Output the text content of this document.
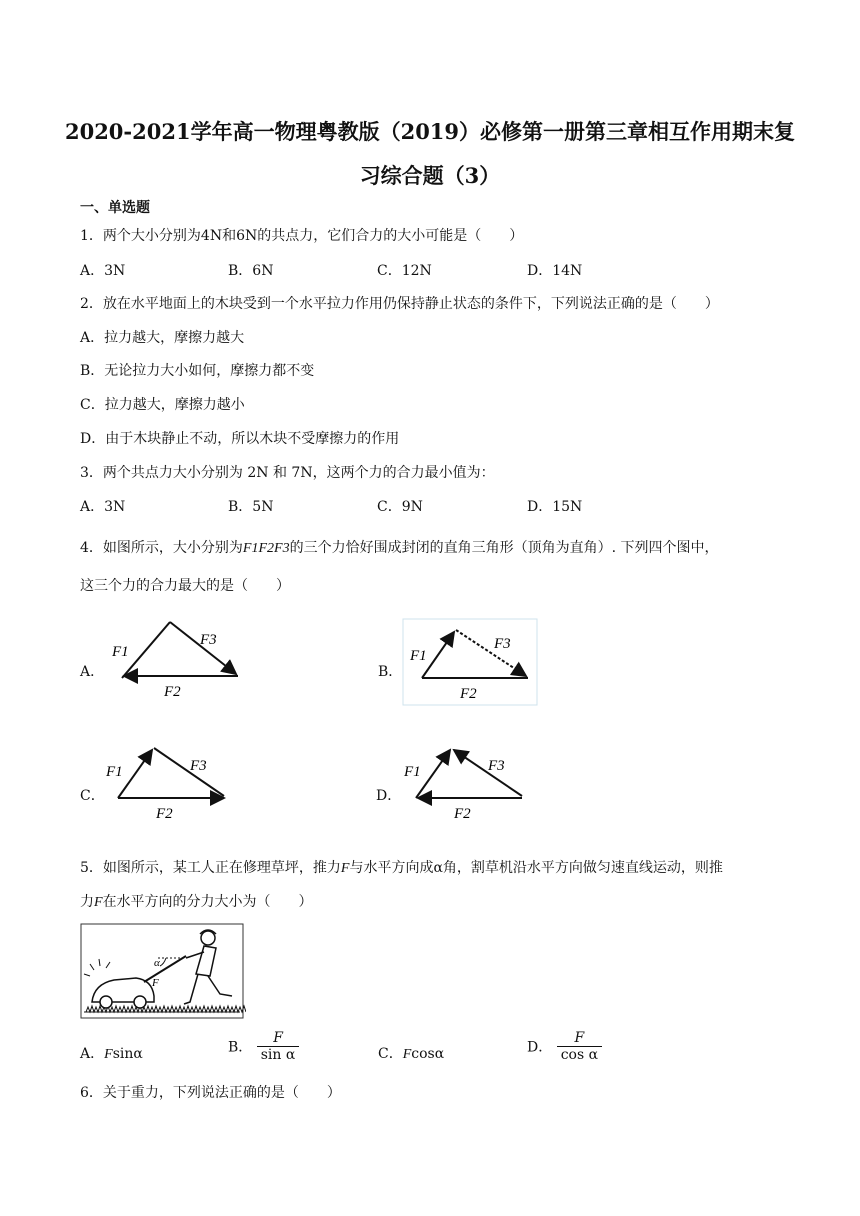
2020-2021学年高一物理粤教版（2019）必修第一册第三章相互作用期末复
习综合题（3）
一、单选题
1．两个大小分别为4N和6N的共点力，它们合力的大小可能是（　　）
A．3N	B．6N	C．12N	D．14N
2．放在水平地面上的木块受到一个水平拉力作用仍保持静止状态的条件下，下列说法正确的是（　　）
A．拉力越大，摩擦力越大
B．无论拉力大小如何，摩擦力都不变
C．拉力越大，摩擦力越小
D．由于木块静止不动，所以木块不受摩擦力的作用
3．两个共点力大小分别为 2N 和 7N，这两个力的合力最小值为：
A．3N	B．5N	C．9N	D．15N
4．如图所示，大小分别为F1F2F3的三个力恰好围成封闭的直角三角形（顶角为直角）. 下列四个图中，
这三个力的合力最大的是（　　）
A．
F1
F2
F3
B．
F1
F2
F3
C．
F1
F2
F3
D．
F1
F2
F3
5．如图所示，某工人正在修理草坪，推力F与水平方向成α角，割草机沿水平方向做匀速直线运动，则推
力F在水平方向的分力大小为（　　）
α
F
A．Fsinα	B． $\frac{F}{\text{sin α}}$	C．Fcosα	D． $\frac{F}{\text{cos α}}$
6．关于重力，下列说法正确的是（　　）
